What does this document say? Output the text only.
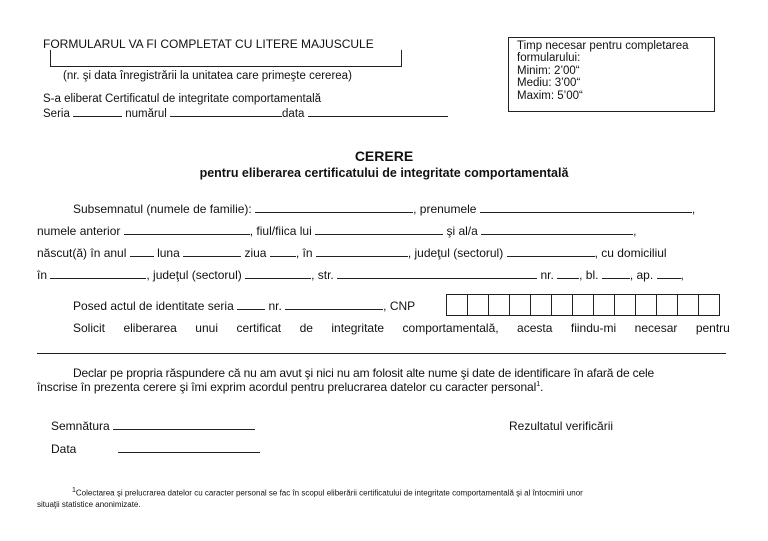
FORMULARUL VA FI COMPLETAT CU LITERE MAJUSCULE
(nr. şi data înregistrării la unitatea care primeşte cererea)
S-a eliberat Certificatul de integritate comportamentală
Seria	numărul	data
Timp necesar pentru completarea
formularului:
Minim: 2’00“
Mediu: 3’00“
Maxim: 5’00“
CERERE
pentru eliberarea certificatului de integritate comportamentală
Subsemnatul (numele de familie):	, prenumele	,
numele anterior	, fiul/fiica lui	şi al/a	,
născut(ă) în anul	luna	ziua , în	, judeţul (sectorul)	, cu domiciliul
în	, judeţul (sectorul)	, str.	nr. , bl.	, ap. ,
Posed actul de identitate seria	nr.	, CNP
Solicit eliberarea unui certificat de integritate comportamentală, acesta fiindu-mi necesar pentru
Declar pe propria răspundere că nu am avut şi nici nu am folosit alte nume şi date de identificare în afară de cele
înscrise în prezenta cerere şi îmi exprim acordul pentru prelucrarea datelor cu caracter personal$^1$.
Semnătura
Data
Rezultatul verificării
$^1$Colectarea şi prelucrarea datelor cu caracter personal se fac în scopul eliberării certificatului de integritate comportamentală şi al întocmirii unor
situaţii statistice anonimizate.
